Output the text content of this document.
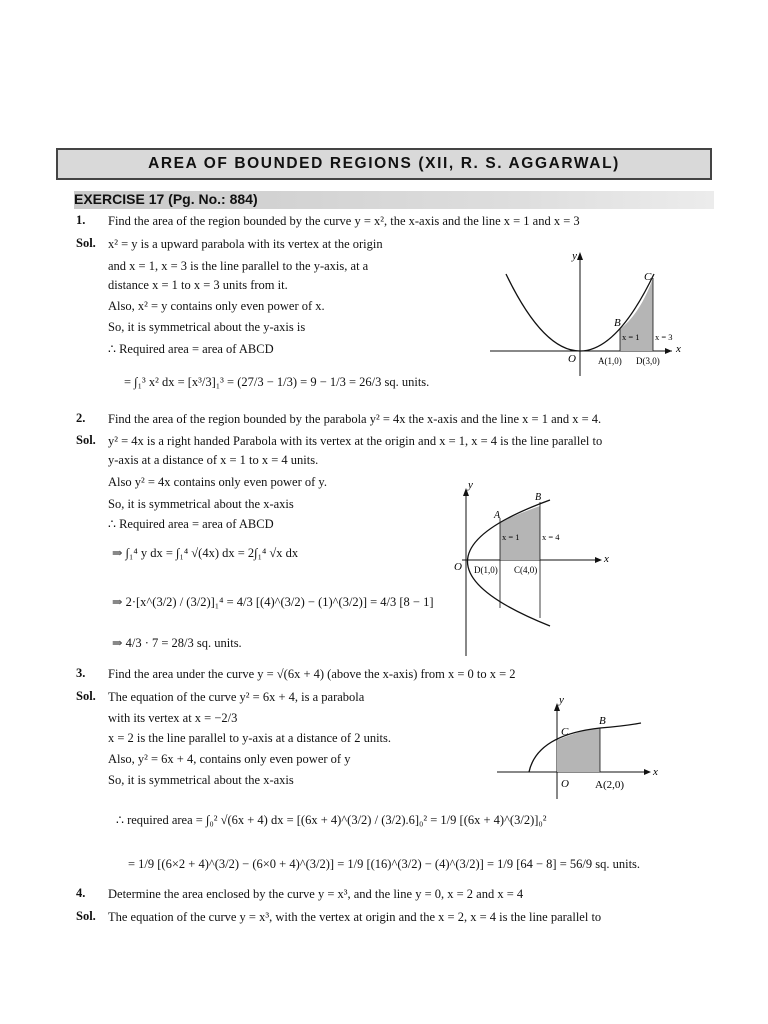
AREA OF BOUNDED REGIONS (XII, R. S. AGGARWAL)
EXERCISE 17 (Pg. No.: 884)
1. Find the area of the region bounded by the curve y = x², the x-axis and the line x = 1 and x = 3
Sol. x² = y is a upward parabola with its vertex at the origin
and x = 1, x = 3 is the line parallel to the y-axis, at a
distance x = 1 to x = 3 units from it.
Also, x² = y contains only even power of x.
So, it is symmetrical about the y-axis is
∴ Required area = area of ABCD
= ∫₁³ x² dx = [x³/3]₁³ = (27/3 − 1/3) = 9 − 1/3 = 26/3 sq. units.
y
x
O
C
B
x = 1 x = 3
A(1,0) D(3,0)
2. Find the area of the region bounded by the parabola y² = 4x the x-axis and the line x = 1 and x = 4.
Sol. y² = 4x is a right handed Parabola with its vertex at the origin and x = 1, x = 4 is the line parallel to
y-axis at a distance of x = 1 to x = 4 units.
Also y² = 4x contains only even power of y.
So, it is symmetrical about the x-axis
∴ Required area = area of ABCD
⇒ ∫₁⁴ y dx = ∫₁⁴ √(4x) dx = 2∫₁⁴ √x dx
⇒ 2·[x^(3/2) / (3/2)]₁⁴ = 4/3 [(4)^(3/2) − (1)^(3/2)] = 4/3 [8 − 1]
⇒ 4/3 · 7 = 28/3 sq. units.
y
x
O
A
B
x = 1	x = 4
D(1,0) C(4,0)
3. Find the area under the curve y = √(6x + 4) (above the x-axis) from x = 0 to x = 2
Sol. The equation of the curve y² = 6x + 4, is a parabola
with its vertex at x = −2/3
x = 2 is the line parallel to y-axis at a distance of 2 units.
Also, y² = 6x + 4, contains only even power of y
So, it is symmetrical about the x-axis
∴ required area = ∫₀² √(6x + 4) dx = [(6x + 4)^(3/2) / (3/2).6]₀² = 1/9 [(6x + 4)^(3/2)]₀²
= 1/9 [(6×2 + 4)^(3/2) − (6×0 + 4)^(3/2)] = 1/9 [(16)^(3/2) − (4)^(3/2)] = 1/9 [64 − 8] = 56/9 sq. units.
y
x
O
C
B
A(2,0)
4. Determine the area enclosed by the curve y = x³, and the line y = 0, x = 2 and x = 4
Sol. The equation of the curve y = x³, with the vertex at origin and the x = 2, x = 4 is the line parallel to
